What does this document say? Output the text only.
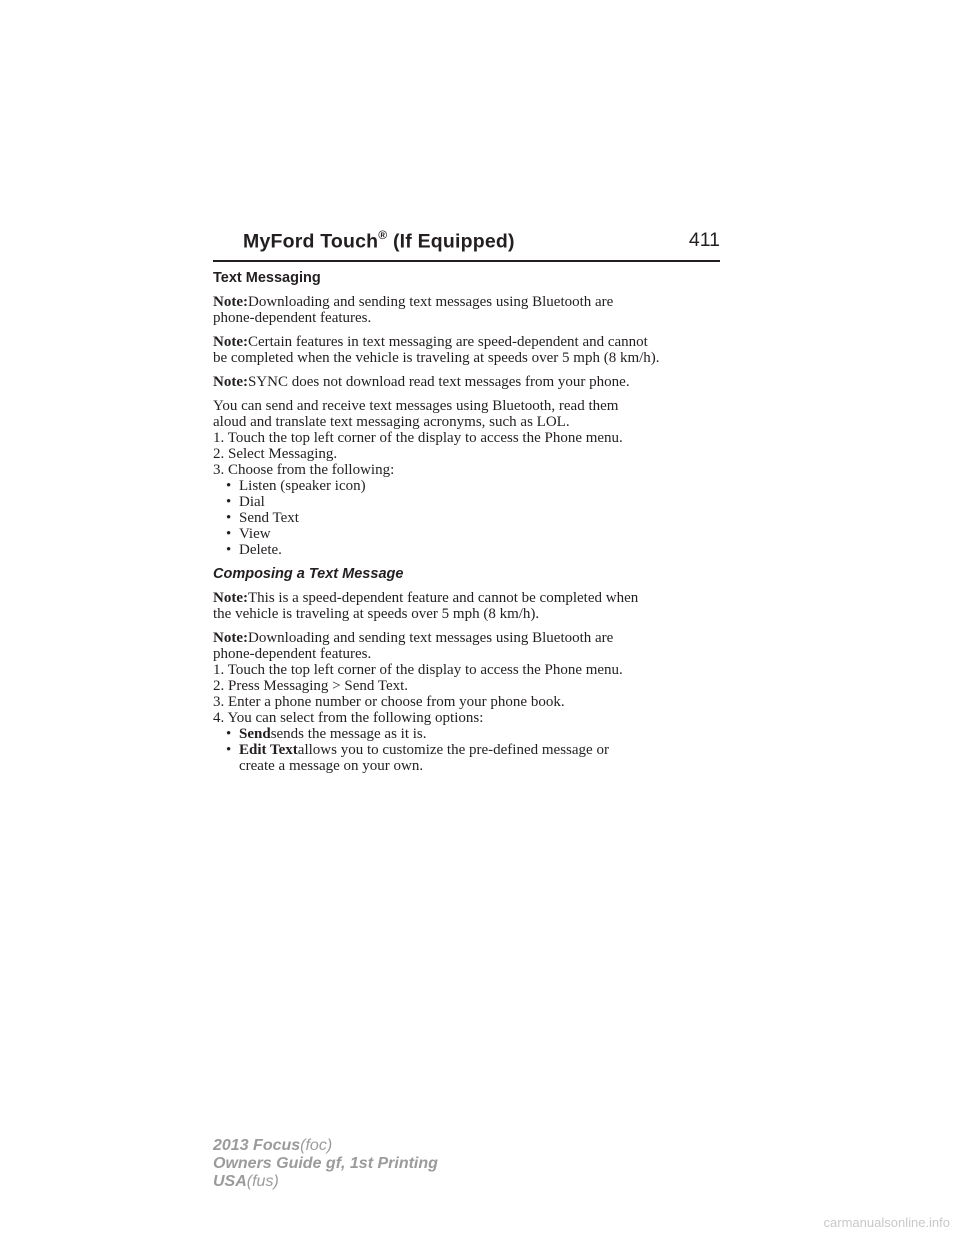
MyFord Touch® (If Equipped)	411
Text Messaging

Note:Downloading and sending text messages using Bluetooth are
phone-dependent features.

Note:Certain features in text messaging are speed-dependent and cannot
be completed when the vehicle is traveling at speeds over 5 mph (8 km/h).

Note:SYNC does not download read text messages from your phone.

You can send and receive text messages using Bluetooth, read them
aloud and translate text messaging acronyms, such as LOL.
1. Touch the top left corner of the display to access the Phone menu.
2. Select Messaging.
3. Choose from the following:
• Listen (speaker icon)
• Dial
• Send Text
• View
• Delete.

Composing a Text Message

Note:This is a speed-dependent feature and cannot be completed when
the vehicle is traveling at speeds over 5 mph (8 km/h).

Note:Downloading and sending text messages using Bluetooth are
phone-dependent features.
1. Touch the top left corner of the display to access the Phone menu.
2. Press Messaging > Send Text.
3. Enter a phone number or choose from your phone book.
4. You can select from the following options:
• Sendsends the message as it is.
• Edit Textallows you to customize the pre-defined message or
create a message on your own.

2013 Focus(foc)
Owners Guide gf, 1st Printing
USA(fus)
carmanualsonline.info
